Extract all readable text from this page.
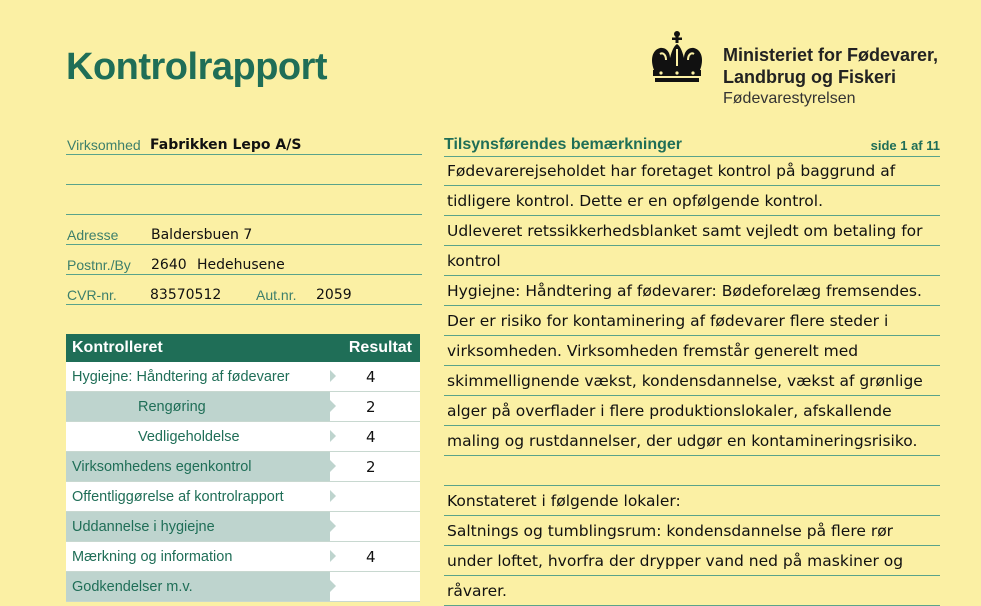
Kontrolrapport	Ministeriet for Fødevarer,
Landbrug og Fiskeri
Fødevarestyrelsen
Virksomhed Fabrikken Lepo A/S
Adresse Baldersbuen 7
Postnr./By 2640 Hedehusene
CVR-nr. 83570512 Aut.nr. 2059
Kontrolleret	Resultat
Hygiejne: Håndtering af fødevarer	4
Rengøring	2
Vedligeholdelse	4
Virksomhedens egenkontrol	2
Offentliggørelse af kontrolrapport
Uddannelse i hygiejne
Mærkning og information	4
Godkendelser m.v.
Tilsynsførendes bemærkninger	side 1 af 11
Fødevarerejseholdet har foretaget kontrol på baggrund af
tidligere kontrol. Dette er en opfølgende kontrol.
Udleveret retssikkerhedsblanket samt vejledt om betaling for
kontrol
Hygiejne: Håndtering af fødevarer: Bødeforelæg fremsendes.
Der er risiko for kontaminering af fødevarer flere steder i
virksomheden. Virksomheden fremstår generelt med
skimmellignende vækst, kondensdannelse, vækst af grønlige
alger på overflader i flere produktionslokaler, afskallende
maling og rustdannelser, der udgør en kontamineringsrisiko.
Konstateret i følgende lokaler:
Saltnings og tumblingsrum: kondensdannelse på flere rør
under loftet, hvorfra der drypper vand ned på maskiner og
råvarer.
